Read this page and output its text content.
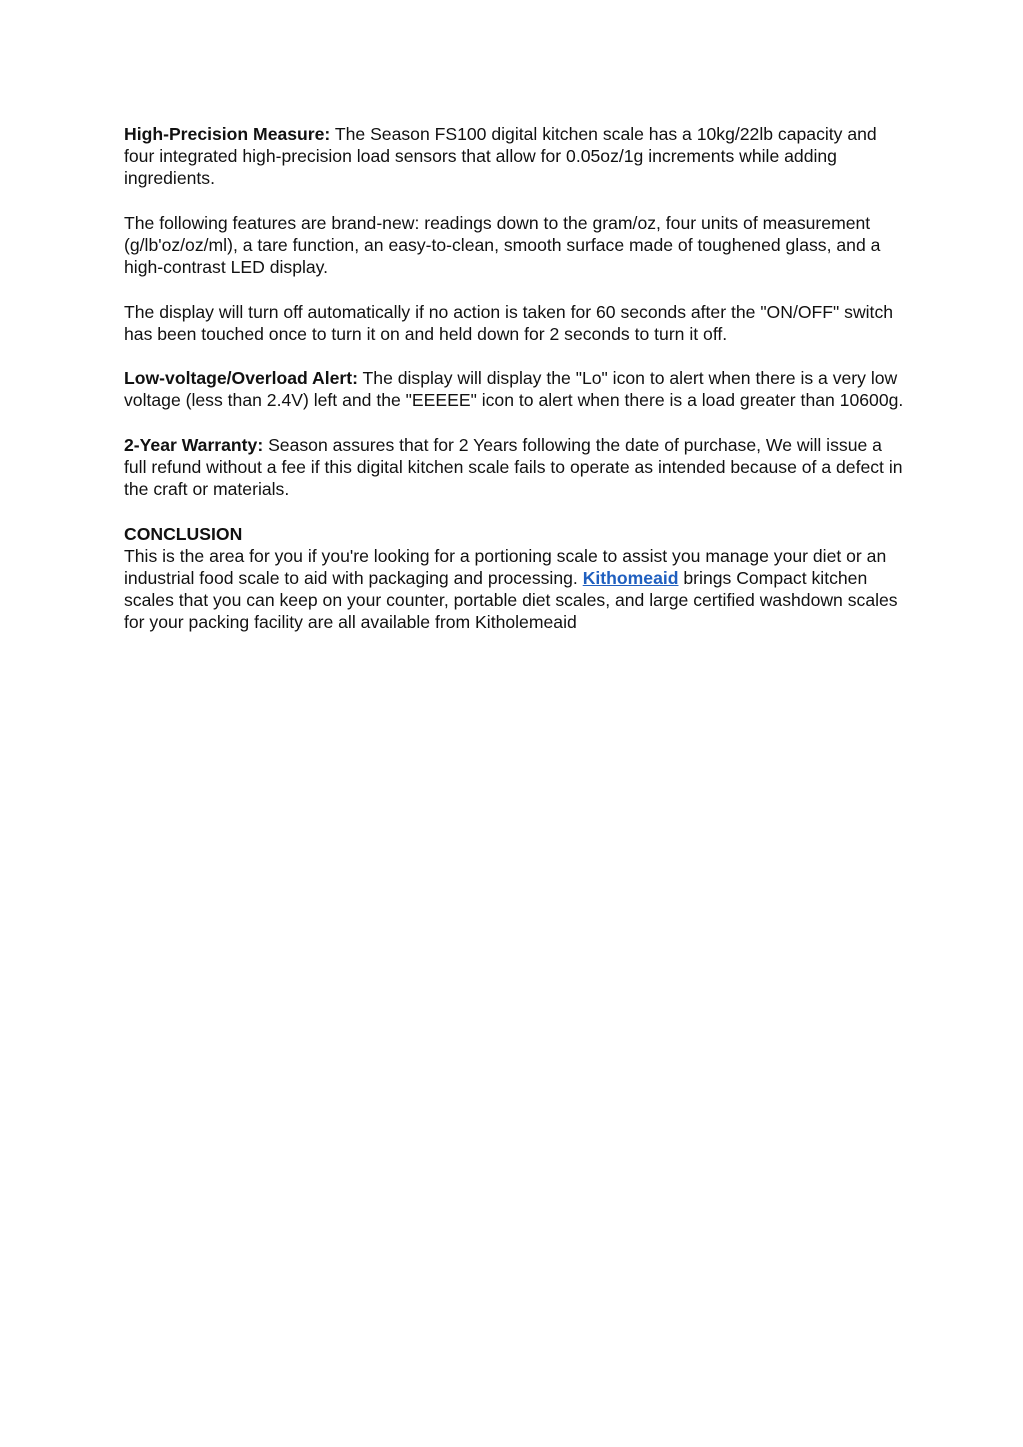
High-Precision Measure: The Season FS100 digital kitchen scale has a 10kg/22lb capacity and four integrated high-precision load sensors that allow for 0.05oz/1g increments while adding ingredients.

The following features are brand-new: readings down to the gram/oz, four units of measurement (g/lb'oz/oz/ml), a tare function, an easy-to-clean, smooth surface made of toughened glass, and a high-contrast LED display.

The display will turn off automatically if no action is taken for 60 seconds after the "ON/OFF" switch has been touched once to turn it on and held down for 2 seconds to turn it off.

Low-voltage/Overload Alert: The display will display the "Lo" icon to alert when there is a very low voltage (less than 2.4V) left and the "EEEEE" icon to alert when there is a load greater than 10600g.

2-Year Warranty: Season assures that for 2 Years following the date of purchase, We will issue a full refund without a fee if this digital kitchen scale fails to operate as intended because of a defect in the craft or materials.

CONCLUSION
This is the area for you if you're looking for a portioning scale to assist you manage your diet or an industrial food scale to aid with packaging and processing. Kithomeaid brings Compact kitchen scales that you can keep on your counter, portable diet scales, and large certified washdown scales for your packing facility are all available from Kitholemeaid
